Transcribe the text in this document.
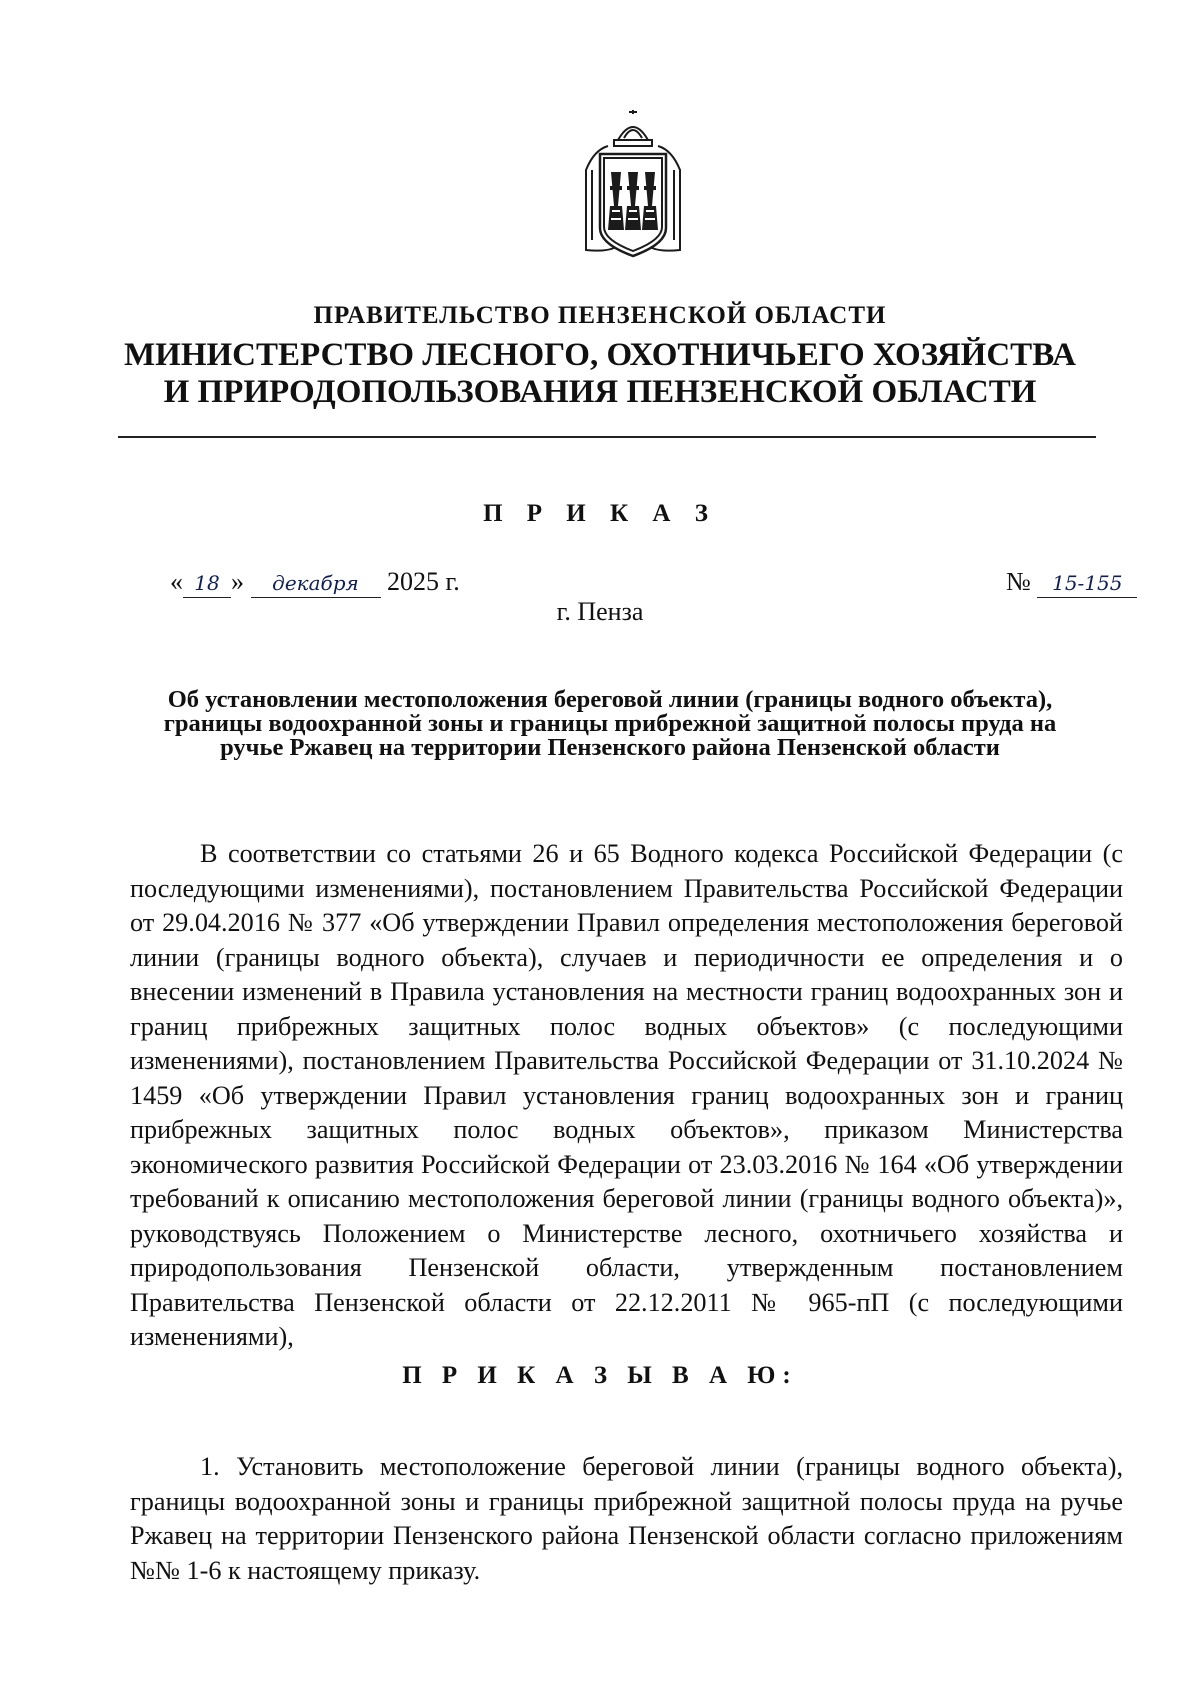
ПРАВИТЕЛЬСТВО ПЕНЗЕНСКОЙ ОБЛАСТИ
МИНИСТЕРСТВО ЛЕСНОГО, ОХОТНИЧЬЕГО ХОЗЯЙСТВА
И ПРИРОДОПОЛЬЗОВАНИЯ ПЕНЗЕНСКОЙ ОБЛАСТИ
П Р И К А З
« 18 » декабря 2025 г.	№ 15-155
г. Пенза
Об установлении местоположения береговой линии (границы водного объекта), границы водоохранной зоны и границы прибрежной защитной полосы пруда на ручье Ржавец на территории Пензенского района Пензенской области
В соответствии со статьями 26 и 65 Водного кодекса Российской Федерации (с последующими изменениями), постановлением Правительства Российской Федерации от 29.04.2016 № 377 «Об утверждении Правил определения местоположения береговой линии (границы водного объекта), случаев и периодичности ее определения и о внесении изменений в Правила установления на местности границ водоохранных зон и границ прибрежных защитных полос водных объектов» (с последующими изменениями), постановлением Правительства Российской Федерации от 31.10.2024 № 1459 «Об утверждении Правил установления границ водоохранных зон и границ прибрежных защитных полос водных объектов», приказом Министерства экономического развития Российской Федерации от 23.03.2016 № 164 «Об утверждении требований к описанию местоположения береговой линии (границы водного объекта)», руководствуясь Положением о Министерстве лесного, охотничьего хозяйства и природопользования Пензенской области, утвержденным постановлением Правительства Пензенской области от 22.12.2011 № 965-пП (с последующими изменениями),
П Р И К А З Ы В А Ю:
1. Установить местоположение береговой линии (границы водного объекта), границы водоохранной зоны и границы прибрежной защитной полосы пруда на ручье Ржавец на территории Пензенского района Пензенской области согласно приложениям №№ 1-6 к настоящему приказу.
